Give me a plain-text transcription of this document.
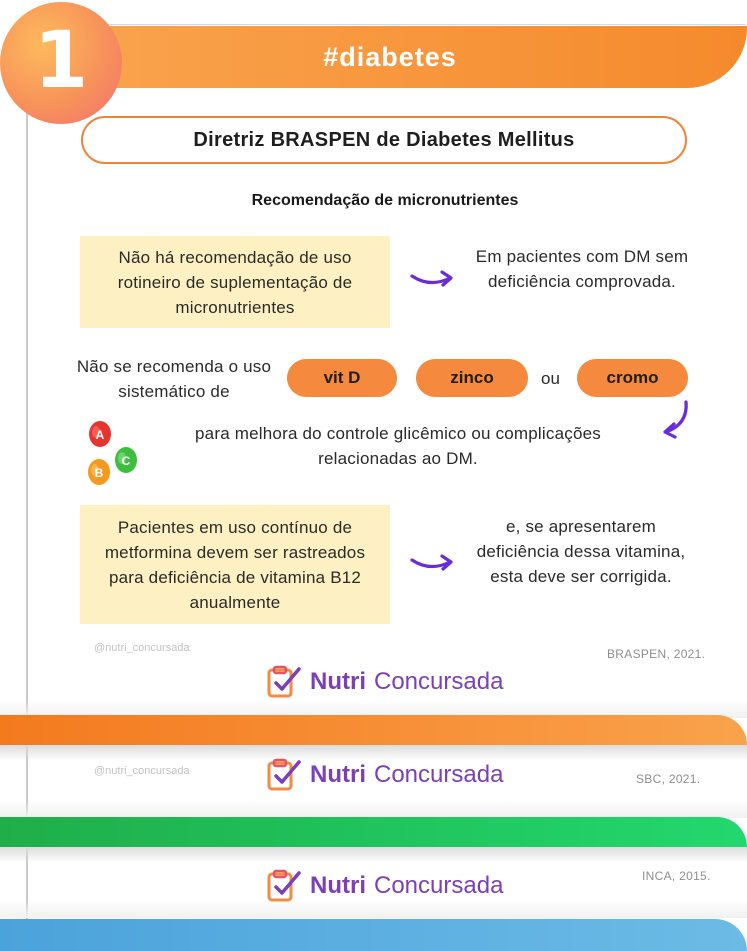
#diabetes
1
Diretriz BRASPEN de Diabetes Mellitus
Recomendação de micronutrientes
Não há recomendação de uso rotineiro de suplementação de micronutrientes
Em pacientes com DM sem deficiência comprovada.
Não se recomenda o uso sistemático de
vit D	zinco	ou	cromo
A
C
B
para melhora do controle glicêmico ou complicações relacionadas ao DM.
Pacientes em uso contínuo de metformina devem ser rastreados para deficiência de vitamina B12 anualmente
e, se apresentarem deficiência dessa vitamina, esta deve ser corrigida.
@nutri_concursada	BRASPEN, 2021.
Nutri Concursada
@nutri_concursada
SBC, 2021.
Nutri Concursada
INCA, 2015.
Nutri Concursada
